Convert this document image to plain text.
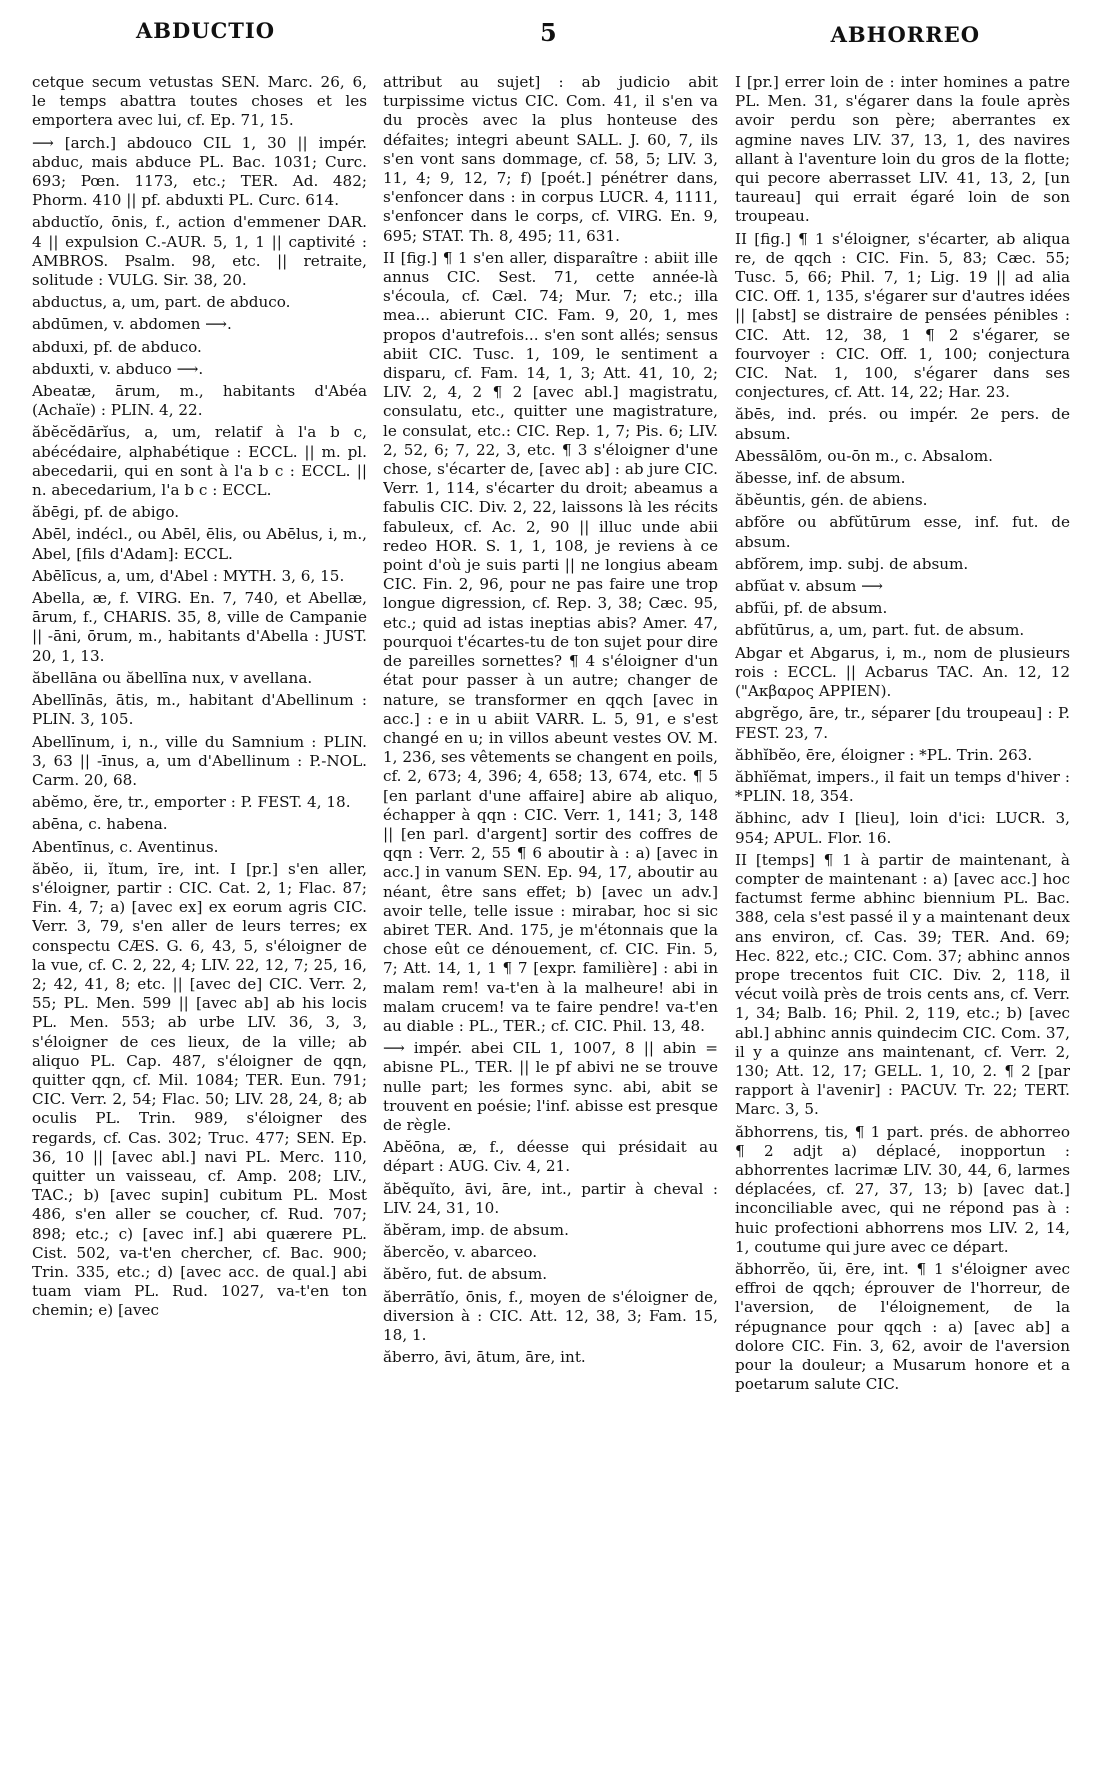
ABDUCTIO	5	ABHORREO

cetque secum vetustas SEN. Marc. 26, 6, le temps abattra toutes choses et les emportera avec lui, cf. Ep. 71, 15.

⟶ [arch.] abdouco CIL 1, 30 || impér. abduc, mais abduce PL. Bac. 1031; Curc. 693; Pœn. 1173, etc.; TER. Ad. 482; Phorm. 410 || pf. abduxti PL. Curc. 614.

abductĭo, ōnis, f., action d'emmener DAR. 4 || expulsion C.-AUR. 5, 1, 1 || captivité : AMBROS. Psalm. 98, etc. || retraite, solitude : VULG. Sir. 38, 20.

abductus, a, um, part. de abduco.

abdūmen, v. abdomen ⟶.

abduxi, pf. de abduco.

abduxti, v. abduco ⟶.

Abeatæ, ārum, m., habitants d'Abéa (Achaïe) : PLIN. 4, 22.

ăbĕcĕdārĭus, a, um, relatif à l'a b c, abécédaire, alphabétique : ECCL. || m. pl. abecedarii, qui en sont à l'a b c : ECCL. || n. abecedarium, l'a b c : ECCL.

ăbēgi, pf. de abigo.

Abēl, indécl., ou Abēl, ēlis, ou Abēlus, i, m., Abel, [fils d'Adam]: ECCL.

Abēlīcus, a, um, d'Abel : MYTH. 3, 6, 15.

Abella, æ, f. VIRG. En. 7, 740, et Abellæ, ārum, f., CHARIS. 35, 8, ville de Campanie || -āni, ōrum, m., habitants d'Abella : JUST. 20, 1, 13.

ăbellāna ou ăbellīna nux, v avellana.

Abellīnās, ātis, m., habitant d'Abellinum : PLIN. 3, 105.

Abellīnum, i, n., ville du Samnium : PLIN. 3, 63 || -īnus, a, um d'Abellinum : P.-NOL. Carm. 20, 68.

abĕmo, ĕre, tr., emporter : P. FEST. 4, 18.

abēna, c. habena.

Abentīnus, c. Aventinus.

ăbĕo, ii, ĭtum, īre, int. I [pr.] s'en aller, s'éloigner, partir : CIC. Cat. 2, 1; Flac. 87; Fin. 4, 7; a) [avec ex] ex eorum agris CIC. Verr. 3, 79, s'en aller de leurs terres; ex conspectu CÆS. G. 6, 43, 5, s'éloigner de la vue, cf. C. 2, 22, 4; LIV. 22, 12, 7; 25, 16, 2; 42, 41, 8; etc. || [avec de] CIC. Verr. 2, 55; PL. Men. 599 || [avec ab] ab his locis PL. Men. 553; ab urbe LIV. 36, 3, 3, s'éloigner de ces lieux, de la ville; ab aliquo PL. Cap. 487, s'éloigner de qqn, quitter qqn, cf. Mil. 1084; TER. Eun. 791; CIC. Verr. 2, 54; Flac. 50; LIV. 28, 24, 8; ab oculis PL. Trin. 989, s'éloigner des regards, cf. Cas. 302; Truc. 477; SEN. Ep. 36, 10 || [avec abl.] navi PL. Merc. 110, quitter un vaisseau, cf. Amp. 208; LIV., TAC.; b) [avec supin] cubitum PL. Most 486, s'en aller se coucher, cf. Rud. 707; 898; etc.; c) [avec inf.] abi quærere PL. Cist. 502, va-t'en chercher, cf. Bac. 900; Trin. 335, etc.; d) [avec acc. de qual.] abi tuam viam PL. Rud. 1027, va-t'en ton chemin; e) [avec

attribut au sujet] : ab judicio abit turpissime victus CIC. Com. 41, il s'en va du procès avec la plus honteuse des défaites; integri abeunt SALL. J. 60, 7, ils s'en vont sans dommage, cf. 58, 5; LIV. 3, 11, 4; 9, 12, 7; f) [poét.] pénétrer dans, s'enfoncer dans : in corpus LUCR. 4, 1111, s'enfoncer dans le corps, cf. VIRG. En. 9, 695; STAT. Th. 8, 495; 11, 631.

II [fig.] ¶ 1 s'en aller, disparaître : abiit ille annus CIC. Sest. 71, cette année-là s'écoula, cf. Cæl. 74; Mur. 7; etc.; illa mea... abierunt CIC. Fam. 9, 20, 1, mes propos d'autrefois... s'en sont allés; sensus abiit CIC. Tusc. 1, 109, le sentiment a disparu, cf. Fam. 14, 1, 3; Att. 41, 10, 2; LIV. 2, 4, 2 ¶ 2 [avec abl.] magistratu, consulatu, etc., quitter une magistrature, le consulat, etc.: CIC. Rep. 1, 7; Pis. 6; LIV. 2, 52, 6; 7, 22, 3, etc. ¶ 3 s'éloigner d'une chose, s'écarter de, [avec ab] : ab jure CIC. Verr. 1, 114, s'écarter du droit; abeamus a fabulis CIC. Div. 2, 22, laissons là les récits fabuleux, cf. Ac. 2, 90 || illuc unde abii redeo HOR. S. 1, 1, 108, je reviens à ce point d'où je suis parti || ne longius abeam CIC. Fin. 2, 96, pour ne pas faire une trop longue digression, cf. Rep. 3, 38; Cæc. 95, etc.; quid ad istas ineptias abis? Amer. 47, pourquoi t'écartes-tu de ton sujet pour dire de pareilles sornettes? ¶ 4 s'éloigner d'un état pour passer à un autre; changer de nature, se transformer en qqch [avec in acc.] : e in u abiit VARR. L. 5, 91, e s'est changé en u; in villos abeunt vestes OV. M. 1, 236, ses vêtements se changent en poils, cf. 2, 673; 4, 396; 4, 658; 13, 674, etc. ¶ 5 [en parlant d'une affaire] abire ab aliquo, échapper à qqn : CIC. Verr. 1, 141; 3, 148 || [en parl. d'argent] sortir des coffres de qqn : Verr. 2, 55 ¶ 6 aboutir à : a) [avec in acc.] in vanum SEN. Ep. 94, 17, aboutir au néant, être sans effet; b) [avec un adv.] avoir telle, telle issue : mirabar, hoc si sic abiret TER. And. 175, je m'étonnais que la chose eût ce dénouement, cf. CIC. Fin. 5, 7; Att. 14, 1, 1 ¶ 7 [expr. familière] : abi in malam rem! va-t'en à la malheure! abi in malam crucem! va te faire pendre! va-t'en au diable : PL., TER.; cf. CIC. Phil. 13, 48.

⟶ impér. abei CIL 1, 1007, 8 || abin = abisne PL., TER. || le pf abivi ne se trouve nulle part; les formes sync. abi, abit se trouvent en poésie; l'inf. abisse est presque de règle.

Abĕōna, æ, f., déesse qui présidait au départ : AUG. Civ. 4, 21.

ăbĕquĭto, āvi, āre, int., partir à cheval : LIV. 24, 31, 10.

ăbĕram, imp. de absum.

ăbercĕo, v. abarceo.

ăbĕro, fut. de absum.

ăberrātĭo, ōnis, f., moyen de s'éloigner de, diversion à : CIC. Att. 12, 38, 3; Fam. 15, 18, 1.

ăberro, āvi, ātum, āre, int.

I [pr.] errer loin de : inter homines a patre PL. Men. 31, s'égarer dans la foule après avoir perdu son père; aberrantes ex agmine naves LIV. 37, 13, 1, des navires allant à l'aventure loin du gros de la flotte; qui pecore aberrasset LIV. 41, 13, 2, [un taureau] qui errait égaré loin de son troupeau.

II [fig.] ¶ 1 s'éloigner, s'écarter, ab aliqua re, de qqch : CIC. Fin. 5, 83; Cæc. 55; Tusc. 5, 66; Phil. 7, 1; Lig. 19 || ad alia CIC. Off. 1, 135, s'égarer sur d'autres idées || [abst] se distraire de pensées pénibles : CIC. Att. 12, 38, 1 ¶ 2 s'égarer, se fourvoyer : CIC. Off. 1, 100; conjectura CIC. Nat. 1, 100, s'égarer dans ses conjectures, cf. Att. 14, 22; Har. 23.

ăbēs, ind. prés. ou impér. 2e pers. de absum.

Abessālōm, ou-ōn m., c. Absalom.

ăbesse, inf. de absum.

ăbĕuntis, gén. de abiens.

abfŏre ou abfŭtūrum esse, inf. fut. de absum.

abfŏrem, imp. subj. de absum.

abfŭat v. absum ⟶

abfŭi, pf. de absum.

abfŭtūrus, a, um, part. fut. de absum.

Abgar et Abgarus, i, m., nom de plusieurs rois : ECCL. || Acbarus TAC. An. 12, 12 ("Ακβαρος APPIEN).

abgrĕgo, āre, tr., séparer [du troupeau] : P. FEST. 23, 7.

ăbhĭbĕo, ēre, éloigner : *PL. Trin. 263.

ăbhĭĕmat, impers., il fait un temps d'hiver : *PLIN. 18, 354.

ăbhinc, adv I [lieu], loin d'ici: LUCR. 3, 954; APUL. Flor. 16.

II [temps] ¶ 1 à partir de maintenant, à compter de maintenant : a) [avec acc.] hoc factumst ferme abhinc biennium PL. Bac. 388, cela s'est passé il y a maintenant deux ans environ, cf. Cas. 39; TER. And. 69; Hec. 822, etc.; CIC. Com. 37; abhinc annos prope trecentos fuit CIC. Div. 2, 118, il vécut voilà près de trois cents ans, cf. Verr. 1, 34; Balb. 16; Phil. 2, 119, etc.; b) [avec abl.] abhinc annis quindecim CIC. Com. 37, il y a quinze ans maintenant, cf. Verr. 2, 130; Att. 12, 17; GELL. 1, 10, 2. ¶ 2 [par rapport à l'avenir] : PACUV. Tr. 22; TERT. Marc. 3, 5.

ăbhorrens, tis, ¶ 1 part. prés. de abhorreo ¶ 2 adjt a) déplacé, inopportun : abhorrentes lacrimæ LIV. 30, 44, 6, larmes déplacées, cf. 27, 37, 13; b) [avec dat.] inconciliable avec, qui ne répond pas à : huic profectioni abhorrens mos LIV. 2, 14, 1, coutume qui jure avec ce départ.

ăbhorrĕo, ŭi, ēre, int. ¶ 1 s'éloigner avec effroi de qqch; éprouver de l'horreur, de l'aversion, de l'éloignement, de la répugnance pour qqch : a) [avec ab] a dolore CIC. Fin. 3, 62, avoir de l'aversion pour la douleur; a Musarum honore et a poetarum salute CIC.
